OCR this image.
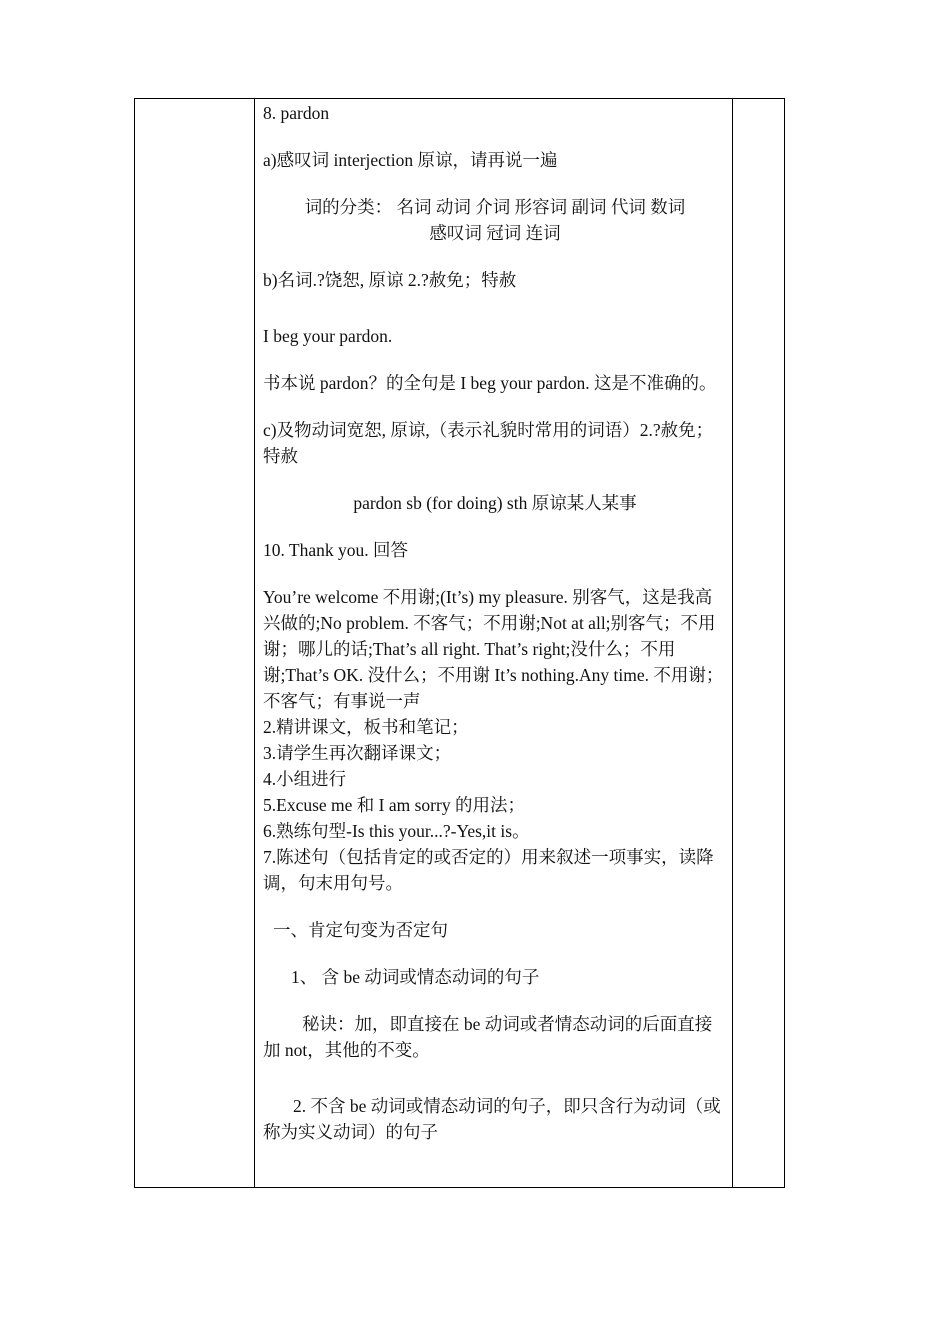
8. pardon

a)感叹词 interjection 原谅，请再说一遍

词的分类： 名词 动词 介词 形容词 副词 代词 数词

感叹词 冠词 连词

b)名词.?饶恕, 原谅 2.?赦免；特赦

I beg your pardon.

书本说 pardon？的全句是 I beg your pardon. 这是不准确的。

c)及物动词宽恕, 原谅,（表示礼貌时常用的词语）2.?赦免；特赦

pardon sb (for doing) sth 原谅某人某事

10. Thank you. 回答

You’re welcome 不用谢;(It’s) my pleasure. 别客气，这是我高兴做的;No problem. 不客气；不用谢;Not at all;别客气；不用谢；哪儿的话;That’s all right. That’s right;没什么；不用谢;That’s OK. 没什么；不用谢 It’s nothing.Any time. 不用谢；不客气；有事说一声

2.精讲课文，板书和笔记；

3.请学生再次翻译课文；

4.小组进行

5.Excuse me 和 I am sorry 的用法；

6.熟练句型-Is this your...?-Yes,it is。

7.陈述句（包括肯定的或否定的）用来叙述一项事实，读降调，句末用句号。

一、肯定句变为否定句

1、 含 be 动词或情态动词的句子

秘诀：加，即直接在 be 动词或者情态动词的后面直接加 not，其他的不变。

2. 不含 be 动词或情态动词的句子，即只含行为动词（或称为实义动词）的句子
